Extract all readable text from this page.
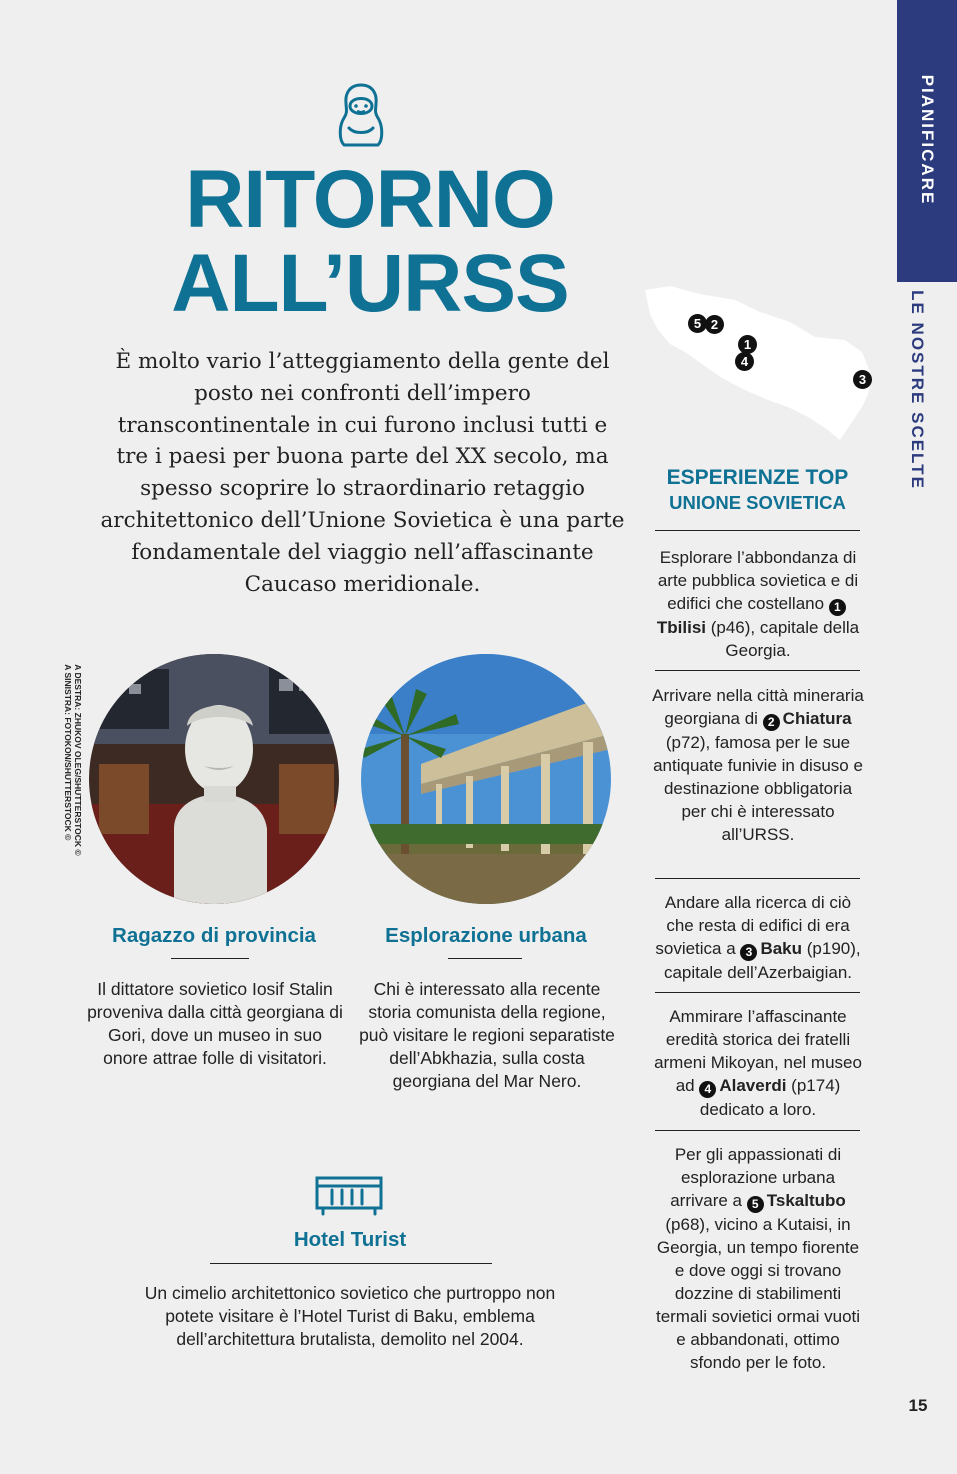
PIANIFICARE
LE NOSTRE SCELTE
RITORNO
ALL’URSS
È molto vario l’atteggiamento della gente del posto nei confronti dell’impero transcontinentale in cui furono inclusi tutti e tre i paesi per buona parte del XX secolo, ma spesso scoprire lo straordinario retaggio architettonico dell’Unione Sovietica è una parte fondamentale del viaggio nell’affascinante Caucaso meridionale.
A DESTRA: ZHUKOV OLEG/SHUTTERSTOCK ©
A SINISTRA: FOTOKON/SHUTTERSTOCK ©
Ragazzo di provincia
Il dittatore sovietico Iosif Stalin proveniva dalla città georgiana di Gori, dove un museo in suo onore attrae folle di visitatori.
Esplorazione urbana
Chi è interessato alla recente storia comunista della regione, può visitare le regioni separatiste dell’Abkhazia, sulla costa georgiana del Mar Nero.
Hotel Turist
Un cimelio architettonico sovietico che purtroppo non potete visitare è l’Hotel Turist di Baku, emblema dell’architettura brutalista, demolito nel 2004.
5 2
1
4
3
ESPERIENZE TOP
UNIONE SOVIETICA
Esplorare l’abbondanza di arte pubblica sovietica e di edifici che costellano 1Tbilisi (p46), capitale della Georgia.
Arrivare nella città mineraria georgiana di 2 Chiatura (p72), famosa per le sue antiquate funivie in disuso e destinazione obbligatoria per chi è interessato all’URSS.
Andare alla ricerca di ciò che resta di edifici di era sovietica a 3 Baku (p190), capitale dell’Azerbaigian.
Ammirare l’affascinante eredità storica dei fratelli armeni Mikoyan, nel museo ad 4 Alaverdi (p174) dedicato a loro.
Per gli appassionati di esplorazione urbana arrivare a 5 Tskaltubo (p68), vicino a Kutaisi, in Georgia, un tempo fiorente e dove oggi si trovano dozzine di stabilimenti termali sovietici ormai vuoti e abbandonati, ottimo sfondo per le foto.
15
